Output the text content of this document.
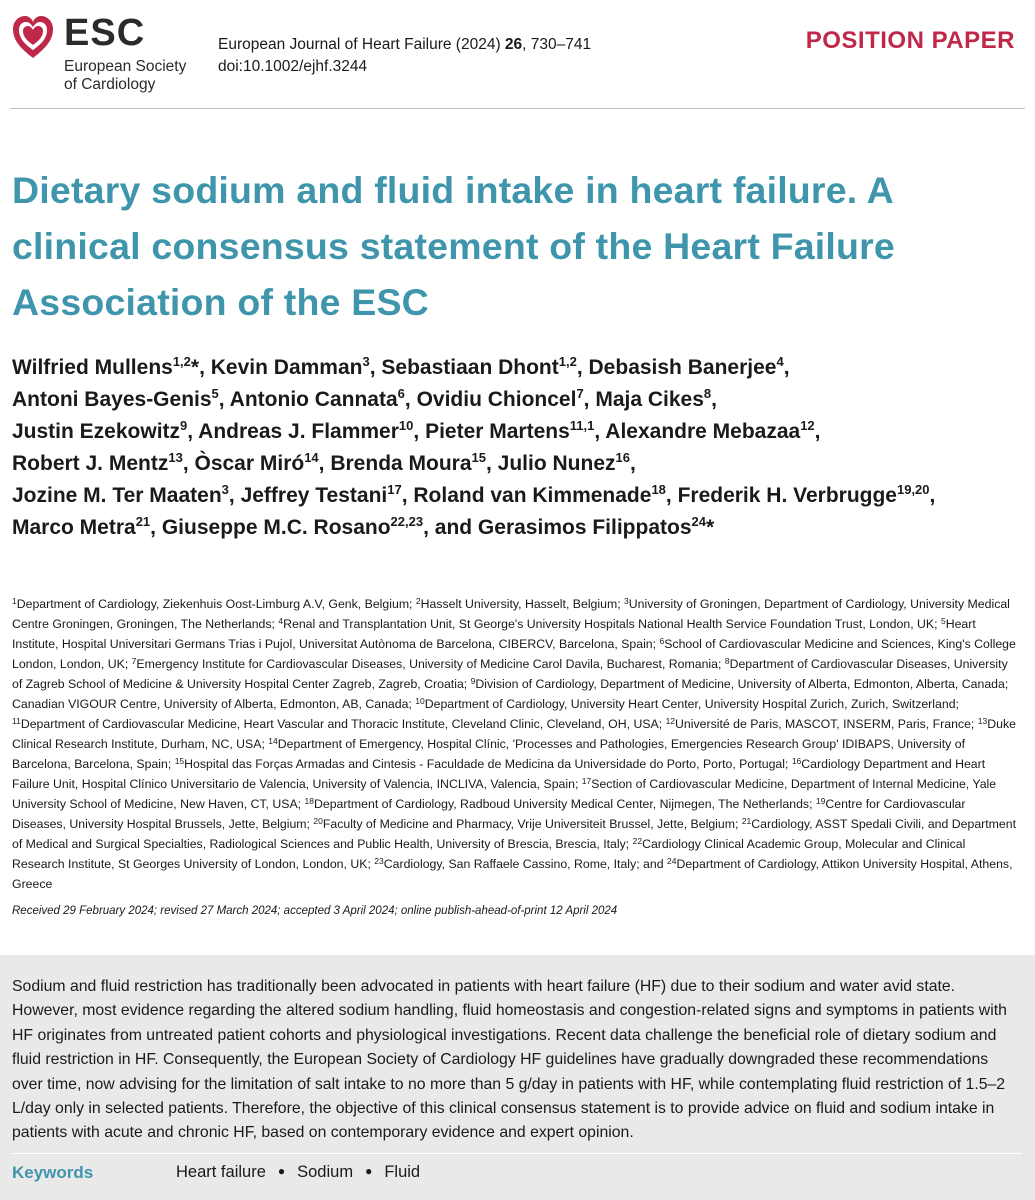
ESC
European Society
of Cardiology
European Journal of Heart Failure (2024) 26, 730–741
doi:10.1002/ejhf.3244
POSITION PAPER
Dietary sodium and fluid intake in heart failure. A clinical consensus statement of the Heart Failure Association of the ESC

Wilfried Mullens$^{1,2}$*, Kevin Damman$^3$, Sebastiaan Dhont$^{1,2}$, Debasish Banerjee$^4$,
Antoni Bayes-Genis$^5$, Antonio Cannata$^6$, Ovidiu Chioncel$^7$, Maja Cikes$^8$,
Justin Ezekowitz$^9$, Andreas J. Flammer$^{10}$, Pieter Martens$^{11,1}$, Alexandre Mebazaa$^{12}$,
Robert J. Mentz$^{13}$, Òscar Miró$^{14}$, Brenda Moura$^{15}$, Julio Nunez$^{16}$,
Jozine M. Ter Maaten$^3$, Jeffrey Testani$^{17}$, Roland van Kimmenade$^{18}$, Frederik H. Verbrugge$^{19,20}$,
Marco Metra$^{21}$, Giuseppe M.C. Rosano$^{22,23}$, and Gerasimos Filippatos$^{24}$*

$^1$Department of Cardiology, Ziekenhuis Oost-Limburg A.V, Genk, Belgium; $^2$Hasselt University, Hasselt, Belgium; $^3$University of Groningen, Department of Cardiology, University Medical Centre Groningen, Groningen, The Netherlands; $^4$Renal and Transplantation Unit, St George's University Hospitals National Health Service Foundation Trust, London, UK; $^5$Heart Institute, Hospital Universitari Germans Trias i Pujol, Universitat Autònoma de Barcelona, CIBERCV, Barcelona, Spain; $^6$School of Cardiovascular Medicine and Sciences, King's College London, London, UK; $^7$Emergency Institute for Cardiovascular Diseases, University of Medicine Carol Davila, Bucharest, Romania; $^8$Department of Cardiovascular Diseases, University of Zagreb School of Medicine & University Hospital Center Zagreb, Zagreb, Croatia; $^9$Division of Cardiology, Department of Medicine, University of Alberta, Edmonton, Alberta, Canada; Canadian VIGOUR Centre, University of Alberta, Edmonton, AB, Canada; $^{10}$Department of Cardiology, University Heart Center, University Hospital Zurich, Zurich, Switzerland; $^{11}$Department of Cardiovascular Medicine, Heart Vascular and Thoracic Institute, Cleveland Clinic, Cleveland, OH, USA; $^{12}$Université de Paris, MASCOT, INSERM, Paris, France; $^{13}$Duke Clinical Research Institute, Durham, NC, USA; $^{14}$Department of Emergency, Hospital Clínic, 'Processes and Pathologies, Emergencies Research Group' IDIBAPS, University of Barcelona, Barcelona, Spain; $^{15}$Hospital das Forças Armadas and Cintesis - Faculdade de Medicina da Universidade do Porto, Porto, Portugal; $^{16}$Cardiology Department and Heart Failure Unit, Hospital Clínico Universitario de Valencia, University of Valencia, INCLIVA, Valencia, Spain; $^{17}$Section of Cardiovascular Medicine, Department of Internal Medicine, Yale University School of Medicine, New Haven, CT, USA; $^{18}$Department of Cardiology, Radboud University Medical Center, Nijmegen, The Netherlands; $^{19}$Centre for Cardiovascular Diseases, University Hospital Brussels, Jette, Belgium; $^{20}$Faculty of Medicine and Pharmacy, Vrije Universiteit Brussel, Jette, Belgium; $^{21}$Cardiology, ASST Spedali Civili, and Department of Medical and Surgical Specialties, Radiological Sciences and Public Health, University of Brescia, Brescia, Italy; $^{22}$Cardiology Clinical Academic Group, Molecular and Clinical Research Institute, St Georges University of London, London, UK; $^{23}$Cardiology, San Raffaele Cassino, Rome, Italy; and $^{24}$Department of Cardiology, Attikon University Hospital, Athens, Greece

Received 29 February 2024; revised 27 March 2024; accepted 3 April 2024; online publish-ahead-of-print 12 April 2024

Sodium and fluid restriction has traditionally been advocated in patients with heart failure (HF) due to their sodium and water avid state. However, most evidence regarding the altered sodium handling, fluid homeostasis and congestion-related signs and symptoms in patients with HF originates from untreated patient cohorts and physiological investigations. Recent data challenge the beneficial role of dietary sodium and fluid restriction in HF. Consequently, the European Society of Cardiology HF guidelines have gradually downgraded these recommendations over time, now advising for the limitation of salt intake to no more than 5 g/day in patients with HF, while contemplating fluid restriction of 1.5–2 L/day only in selected patients. Therefore, the objective of this clinical consensus statement is to provide advice on fluid and sodium intake in patients with acute and chronic HF, based on contemporary evidence and expert opinion.

Keywords	Heart failure ● Sodium ● Fluid
